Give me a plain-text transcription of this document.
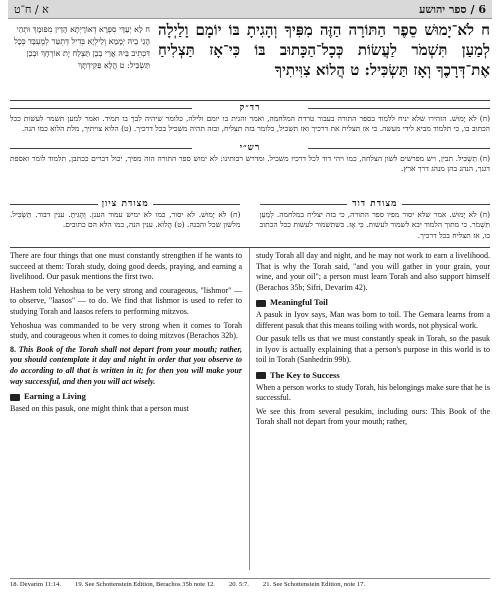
א / ח־ט	6 / ספר יהושע
ח לָא יְעַדֵּי סִפְרָא דְאוֹרָיְתָא הָדֵין מִפּוּמָךְ וּתְהֵי הָגֵי בֵיהּ יְמָמָא וְלֵילְיָא בְּדִיל דְּתִטַּר לְמֶעְבַּד כְּכָל דִּכְתִיב בֵּיהּ אֲרֵי בְכֵן תַּצְלַח יָת אוֹרְחָךְ וּבְכֵן תַּשְׂכֵּיל: ט הֲלָא פַּקֵּידְתָּךְ
ח לֹא־יָמוּשׁ סֵפֶר הַתּוֹרָה הַזֶּה מִפִּיךָ וְהָגִיתָ בּוֹ יוֹמָם וָלַיְלָה לְמַעַן תִּשְׁמֹר לַעֲשׂוֹת כְּכָל־הַכָּתוּב בּוֹ כִּי־אָז תַּצְלִיחַ אֶת־דְּרָכֶךָ וְאָז תַּשְׂכִּיל: ט הֲלוֹא צִוִּיתִיךָ
רד״ק
(ח) לֹא יָמוּשׁ. הזהירו שלא יניח ללמוד בספר התורה בעבור טרדת המלחמה, ואמר והגית בו יומם ולילה, כלומר שיהיה לבך בו תמיד. ואמר למען תשמר לעשות ככל הכתוב בו, כי תלמוד מביא לידי מעשה. כי אז תצליח את דרכיך ואז תשכיל, כלומר בזה תצליח, ובזה תהיה משכיל בכל דרכיך. (ט) הלוא צויתיך, מלת הלוא כמו הנה.
רש״י
(ח) תַשְׂכִּיל. תבין, ויש מפרשים לשון הצלחה, כמו ויהי דוד לכל דרכיו משכיל. ומדרש רבותינו: לא ימוש ספר התורה הזה מפיך, יכול דברים ככתבן, תלמוד לומר ואספת דגנך, הנהג בהן מנהג דרך ארץ.
מצודת דוד
(ח) לֹא יָמוּשׁ. אמר שלא יסור מפיו ספר התורה, כי בזה יצליח במלחמה. לְמַעַן תִּשְׁמֹר. כי מתוך הלמוד יבא לשמור לעשות. כִּי אָז. כשתשמור לעשות ככל הכתוב בו, אז תצליח בכל דרכיך.
מצודת ציון
(ח) לֹא יָמוּשׁ. לא יסור, כמו לא ימיש עמוד הענן. וְהָגִיתָ. ענין דבור. תַּשְׂכִּיל. מלשון שכל והבנה. (ט) הֲלוֹא. ענין הנה, כמו הלא הם כתובים.

There are four things that one must constantly strengthen if he wants to succeed at them: Torah study, doing good deeds, praying, and earning a livelihood. Our pasuk mentions the first two.

Hashem told Yehoshua to be very strong and courageous, "lishmor" — to observe, "laasos" — to do. We find that lishmor is used to refer to studying Torah and laasos refers to performing mitzvos.

Yehoshua was commanded to be very strong when it comes to Torah study, and courageous when it comes to doing mitzvos (Berachos 32b).

8. This Book of the Torah shall not depart from your mouth; rather, you should contemplate it day and night in order that you observe to do according to all that is written in it; for then you will make your way successful, and then you will act wisely.

Earning a Living

Based on this pasuk, one might think that a person must

study Torah all day and night, and he may not work to earn a livelihood. That is why the Torah said, "and you will gather in your grain, your wine, and your oil"; a person must learn Torah and also support himself (Berachos 35b; Sifri, Devarim 42).

Meaningful Toil

A pasuk in Iyov says, Man was born to toil. The Gemara learns from a different pasuk that this means toiling with words, not physical work.

Our pasuk tells us that we must constantly speak in Torah, so the pasuk in Iyov is actually explaining that a person's purpose in this world is to toil in Torah (Sanhedrin 99b).

The Key to Success

When a person works to study Torah, his belongings make sure that he is successful.

We see this from several pesukim, including ours: This Book of the Torah shall not depart from your mouth; rather,

18. Devarim 11:14. 19. See Schottenstein Edition, Berachos 35b note 12. 20. 5:7. 21. See Schottenstein Edition, note 17.
